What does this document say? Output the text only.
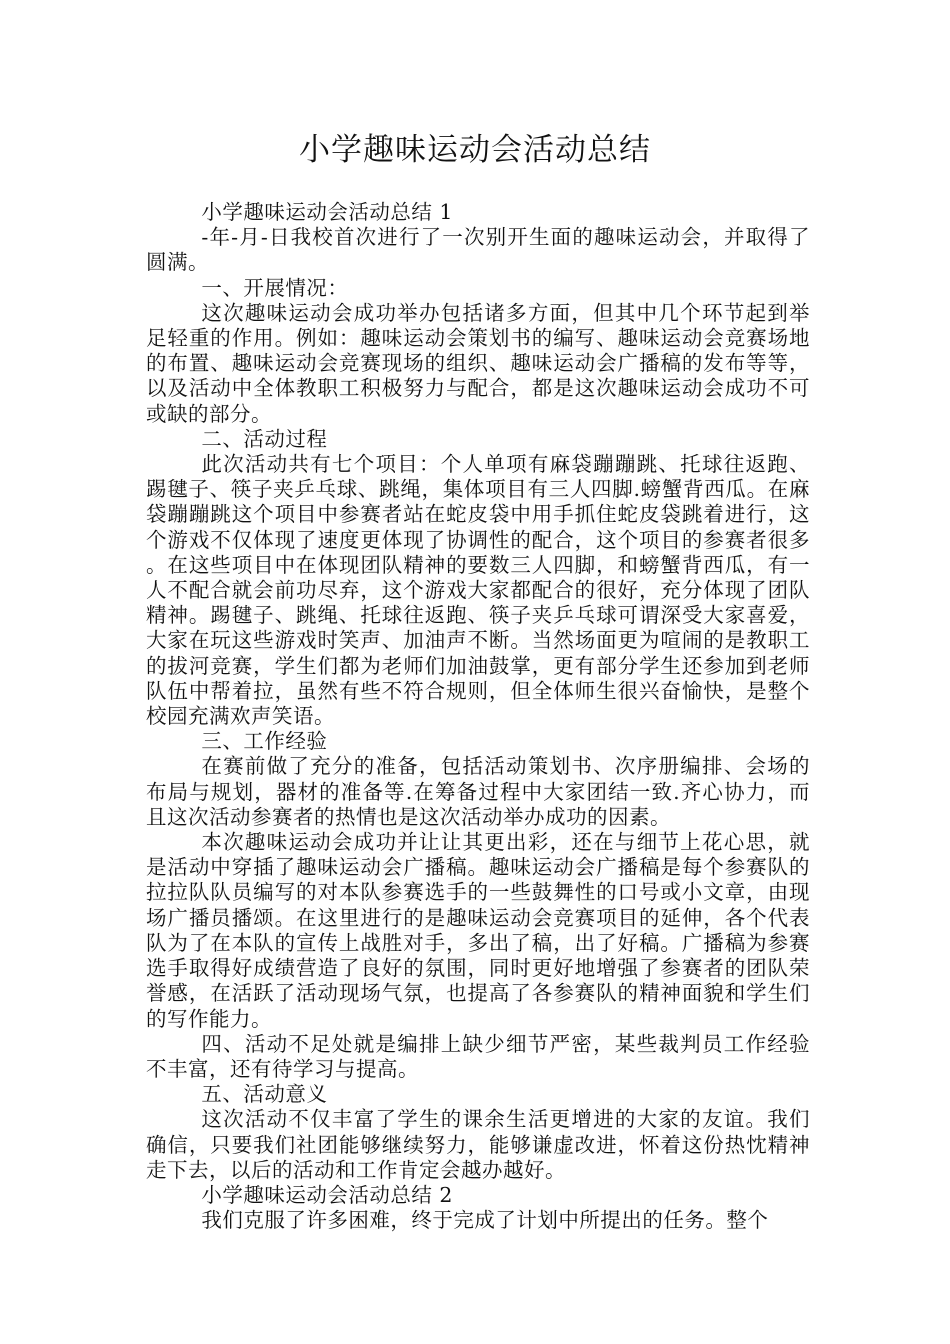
小学趣味运动会活动总结

小学趣味运动会活动总结 1

-年-月-日我校首次进行了一次别开生面的趣味运动会，并取得了圆满。

一、开展情况：

这次趣味运动会成功举办包括诸多方面，但其中几个环节起到举足轻重的作用。例如：趣味运动会策划书的编写、趣味运动会竞赛场地的布置、趣味运动会竞赛现场的组织、趣味运动会广播稿的发布等等，以及活动中全体教职工积极努力与配合，都是这次趣味运动会成功不可或缺的部分。

二、活动过程

此次活动共有七个项目：个人单项有麻袋蹦蹦跳、托球往返跑、踢毽子、筷子夹乒乓球、跳绳，集体项目有三人四脚.螃蟹背西瓜。在麻袋蹦蹦跳这个项目中参赛者站在蛇皮袋中用手抓住蛇皮袋跳着进行，这个游戏不仅体现了速度更体现了协调性的配合，这个项目的参赛者很多。在这些项目中在体现团队精神的要数三人四脚，和螃蟹背西瓜，有一人不配合就会前功尽弃，这个游戏大家都配合的很好，充分体现了团队精神。踢毽子、跳绳、托球往返跑、筷子夹乒乓球可谓深受大家喜爱，大家在玩这些游戏时笑声、加油声不断。当然场面更为喧闹的是教职工的拔河竞赛，学生们都为老师们加油鼓掌，更有部分学生还参加到老师队伍中帮着拉，虽然有些不符合规则，但全体师生很兴奋愉快，是整个校园充满欢声笑语。

三、工作经验

在赛前做了充分的准备，包括活动策划书、次序册编排、会场的布局与规划，器材的准备等.在筹备过程中大家团结一致.齐心协力，而且这次活动参赛者的热情也是这次活动举办成功的因素。

本次趣味运动会成功并让让其更出彩，还在与细节上花心思，就是活动中穿插了趣味运动会广播稿。趣味运动会广播稿是每个参赛队的拉拉队队员编写的对本队参赛选手的一些鼓舞性的口号或小文章，由现场广播员播颂。在这里进行的是趣味运动会竞赛项目的延伸，各个代表队为了在本队的宣传上战胜对手，多出了稿，出了好稿。广播稿为参赛选手取得好成绩营造了良好的氛围，同时更好地增强了参赛者的团队荣誉感，在活跃了活动现场气氛，也提高了各参赛队的精神面貌和学生们的写作能力。

四、活动不足处就是编排上缺少细节严密，某些裁判员工作经验不丰富，还有待学习与提高。

五、活动意义

这次活动不仅丰富了学生的课余生活更增进的大家的友谊。我们确信，只要我们社团能够继续努力，能够谦虚改进，怀着这份热忱精神走下去，以后的活动和工作肯定会越办越好。

小学趣味运动会活动总结 2

我们克服了许多困难，终于完成了计划中所提出的任务。整个
